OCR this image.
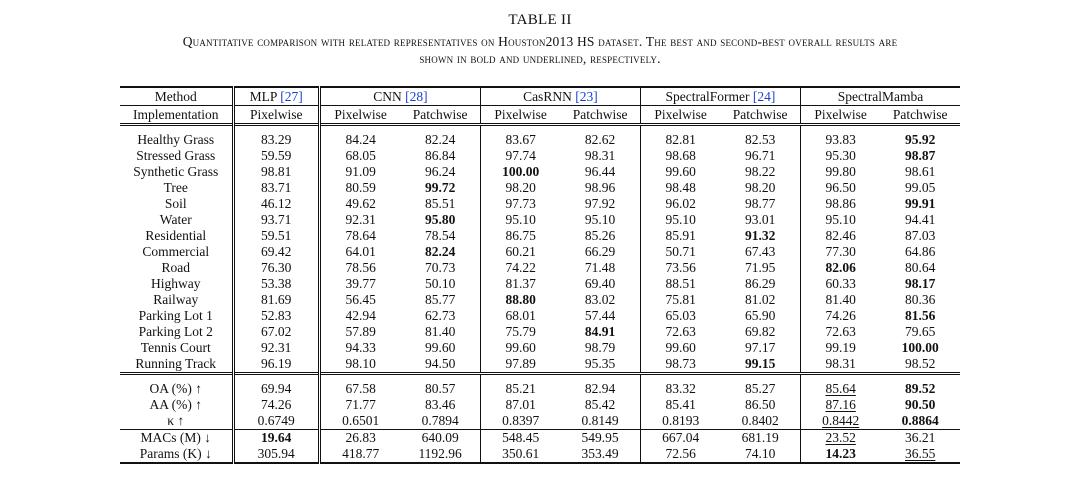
TABLE II
Quantitative comparison with related representatives on Houston2013 HS dataset. The best and second-best overall results are
shown in bold and underlined, respectively.
Method	MLP [27]	CNN [28]		CasRNN [23]		SpectralFormer [24]		SpectralMamba	
Implementation	Pixelwise	Pixelwise	Patchwise	Pixelwise	Patchwise	Pixelwise	Patchwise	Pixelwise	Patchwise

Healthy Grass	83.29	84.24	82.24	83.67	82.62	82.81	82.53	93.83	95.92
Stressed Grass	59.59	68.05	86.84	97.74	98.31	98.68	96.71	95.30	98.87
Synthetic Grass	98.81	91.09	96.24	100.00	96.44	99.60	98.22	99.80	98.61
Tree	83.71	80.59	99.72	98.20	98.96	98.48	98.20	96.50	99.05
Soil	46.12	49.62	85.51	97.73	97.92	96.02	98.77	98.86	99.91
Water	93.71	92.31	95.80	95.10	95.10	95.10	93.01	95.10	94.41
Residential	59.51	78.64	78.54	86.75	85.26	85.91	91.32	82.46	87.03
Commercial	69.42	64.01	82.24	60.21	66.29	50.71	67.43	77.30	64.86
Road	76.30	78.56	70.73	74.22	71.48	73.56	71.95	82.06	80.64
Highway	53.38	39.77	50.10	81.37	69.40	88.51	86.29	60.33	98.17
Railway	81.69	56.45	85.77	88.80	83.02	75.81	81.02	81.40	80.36
Parking Lot 1	52.83	42.94	62.73	68.01	57.44	65.03	65.90	74.26	81.56
Parking Lot 2	67.02	57.89	81.40	75.79	84.91	72.63	69.82	72.63	79.65
Tennis Court	92.31	94.33	99.60	99.60	98.79	99.60	97.17	99.19	100.00
Running Track	96.19	98.10	94.50	97.89	95.35	98.73	99.15	98.31	98.52

OA (%) ↑	69.94	67.58	80.57	85.21	82.94	83.32	85.27	85.64	89.52
AA (%) ↑	74.26	71.77	83.46	87.01	85.42	85.41	86.50	87.16	90.50
κ ↑	0.6749	0.6501	0.7894	0.8397	0.8149	0.8193	0.8402	0.8442	0.8864
MACs (M) ↓	19.64	26.83	640.09	548.45	549.95	667.04	681.19	23.52	36.21
Params (K) ↓	305.94	418.77	1192.96	350.61	353.49	72.56	74.10	14.23	36.55
